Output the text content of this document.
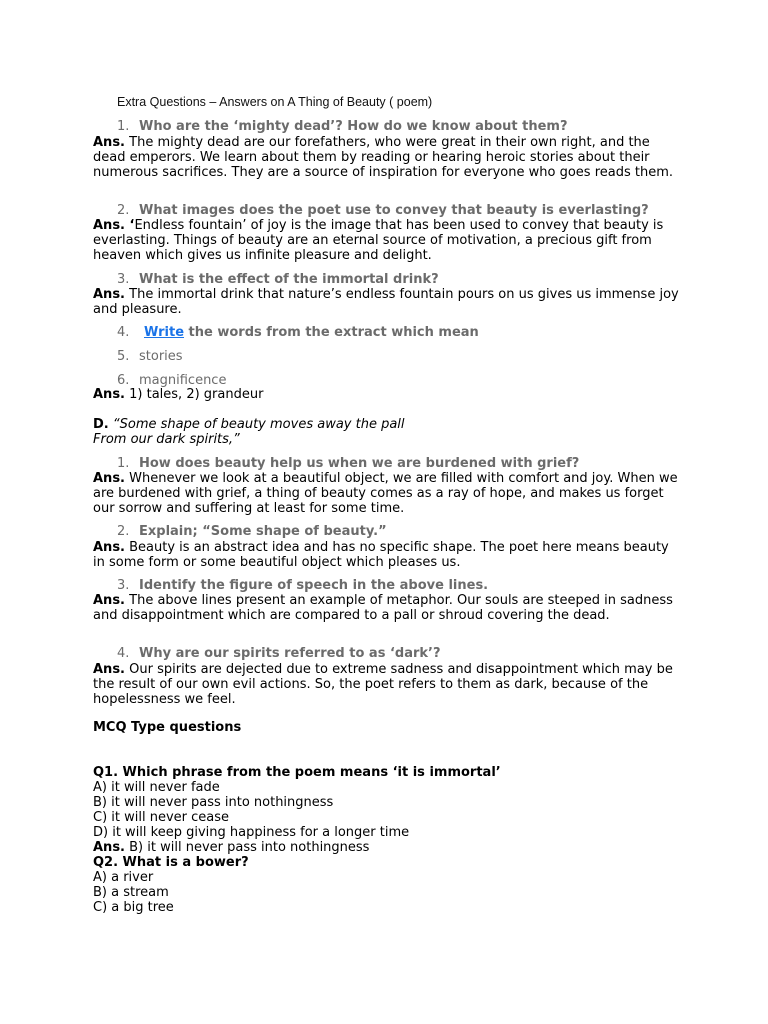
Extra Questions – Answers on A Thing of Beauty ( poem)
1. Who are the ‘mighty dead’? How do we know about them?
Ans. The mighty dead are our forefathers, who were great in their own right, and the dead emperors. We learn about them by reading or hearing heroic stories about their numerous sacrifices. They are a source of inspiration for everyone who goes reads them.
2. What images does the poet use to convey that beauty is everlasting?
Ans. ‘Endless fountain’ of joy is the image that has been used to convey that beauty is everlasting. Things of beauty are an eternal source of motivation, a precious gift from heaven which gives us infinite pleasure and delight.
3. What is the effect of the immortal drink?
Ans. The immortal drink that nature’s endless fountain pours on us gives us immense joy and pleasure.
4. Write the words from the extract which mean
5. stories
6. magnificence
Ans. 1) tales, 2) grandeur
D. “Some shape of beauty moves away the pall
From our dark spirits,”
1. How does beauty help us when we are burdened with grief?
Ans. Whenever we look at a beautiful object, we are filled with comfort and joy. When we are burdened with grief, a thing of beauty comes as a ray of hope, and makes us forget our sorrow and suffering at least for some time.
2. Explain; “Some shape of beauty.”
Ans. Beauty is an abstract idea and has no specific shape. The poet here means beauty in some form or some beautiful object which pleases us.
3. Identify the figure of speech in the above lines.
Ans. The above lines present an example of metaphor. Our souls are steeped in sadness and disappointment which are compared to a pall or shroud covering the dead.
4. Why are our spirits referred to as ‘dark’?
Ans. Our spirits are dejected due to extreme sadness and disappointment which may be the result of our own evil actions. So, the poet refers to them as dark, because of the hopelessness we feel.
MCQ Type questions
Q1. Which phrase from the poem means ‘it is immortal’
A) it will never fade
B) it will never pass into nothingness
C) it will never cease
D) it will keep giving happiness for a longer time
Ans. B) it will never pass into nothingness
Q2. What is a bower?
A) a river
B) a stream
C) a big tree
